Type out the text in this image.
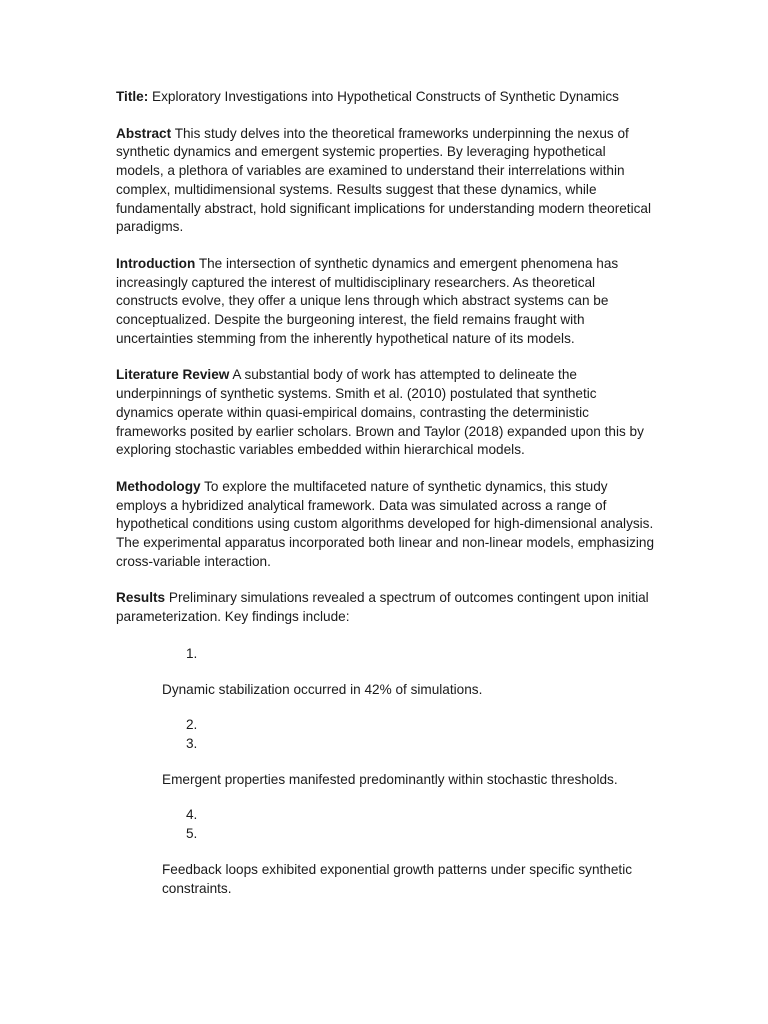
Title: Exploratory Investigations into Hypothetical Constructs of Synthetic Dynamics

Abstract This study delves into the theoretical frameworks underpinning the nexus of synthetic dynamics and emergent systemic properties. By leveraging hypothetical models, a plethora of variables are examined to understand their interrelations within complex, multidimensional systems. Results suggest that these dynamics, while fundamentally abstract, hold significant implications for understanding modern theoretical paradigms.

Introduction The intersection of synthetic dynamics and emergent phenomena has increasingly captured the interest of multidisciplinary researchers. As theoretical constructs evolve, they offer a unique lens through which abstract systems can be conceptualized. Despite the burgeoning interest, the field remains fraught with uncertainties stemming from the inherently hypothetical nature of its models.

Literature Review A substantial body of work has attempted to delineate the underpinnings of synthetic systems. Smith et al. (2010) postulated that synthetic dynamics operate within quasi-empirical domains, contrasting the deterministic frameworks posited by earlier scholars. Brown and Taylor (2018) expanded upon this by exploring stochastic variables embedded within hierarchical models.

Methodology To explore the multifaceted nature of synthetic dynamics, this study employs a hybridized analytical framework. Data was simulated across a range of hypothetical conditions using custom algorithms developed for high-dimensional analysis. The experimental apparatus incorporated both linear and non-linear models, emphasizing cross-variable interaction.

Results Preliminary simulations revealed a spectrum of outcomes contingent upon initial parameterization. Key findings include:

1.
Dynamic stabilization occurred in 42% of simulations.
2.
3.
Emergent properties manifested predominantly within stochastic thresholds.
4.
5.
Feedback loops exhibited exponential growth patterns under specific synthetic constraints.
